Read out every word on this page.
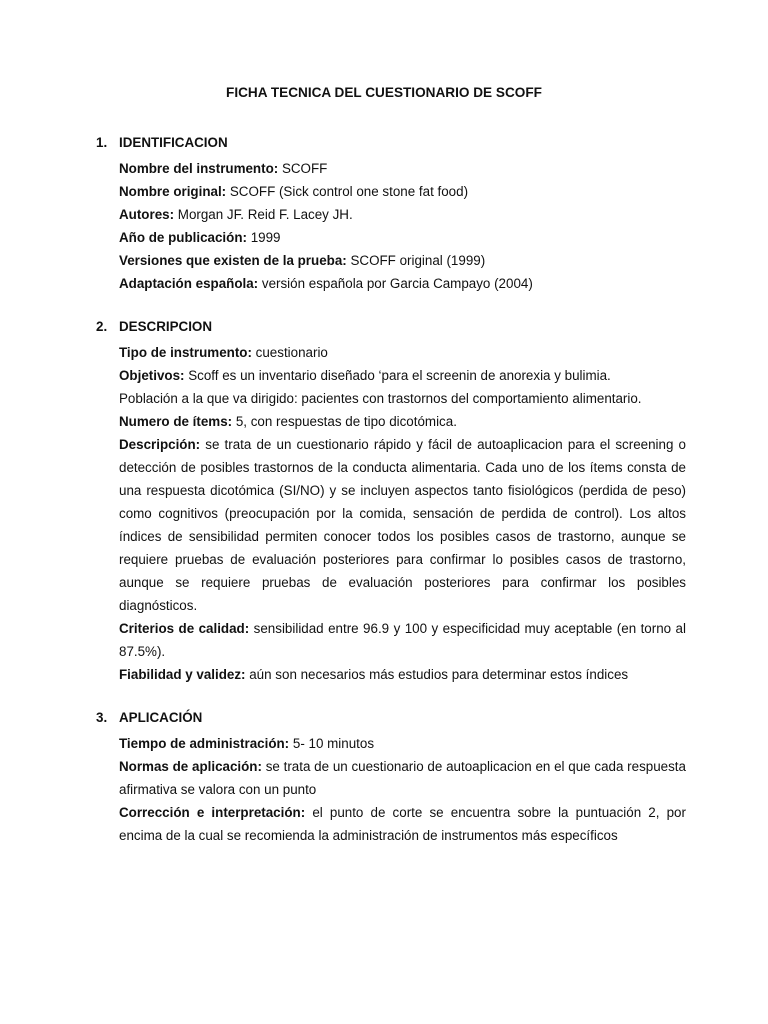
FICHA TECNICA DEL CUESTIONARIO DE SCOFF
1. IDENTIFICACION
Nombre del instrumento: SCOFF
Nombre original: SCOFF (Sick control one stone fat food)
Autores: Morgan JF. Reid F. Lacey JH.
Año de publicación: 1999
Versiones que existen de la prueba: SCOFF original (1999)
Adaptación española: versión española por Garcia Campayo (2004)
2. DESCRIPCION
Tipo de instrumento: cuestionario
Objetivos: Scoff es un inventario diseñado ‘para el screenin de anorexia y bulimia.
Población a la que va dirigido: pacientes con trastornos del comportamiento alimentario.
Numero de ítems: 5, con respuestas de tipo dicotómica.
Descripción: se trata de un cuestionario rápido y fácil de autoaplicacion para el screening o detección de posibles trastornos de la conducta alimentaria. Cada uno de los ítems consta de una respuesta dicotómica (SI/NO) y se incluyen aspectos tanto fisiológicos (perdida de peso) como cognitivos (preocupación por la comida, sensación de perdida de control). Los altos índices de sensibilidad permiten conocer todos los posibles casos de trastorno, aunque se requiere pruebas de evaluación posteriores para confirmar lo posibles casos de trastorno, aunque se requiere pruebas de evaluación posteriores para confirmar los posibles diagnósticos.
Criterios de calidad: sensibilidad entre 96.9 y 100 y especificidad muy aceptable (en torno al 87.5%).
Fiabilidad y validez: aún son necesarios más estudios para determinar estos índices
3. APLICACIÓN
Tiempo de administración: 5- 10 minutos
Normas de aplicación: se trata de un cuestionario de autoaplicacion en el que cada respuesta afirmativa se valora con un punto
Corrección e interpretación: el punto de corte se encuentra sobre la puntuación 2, por encima de la cual se recomienda la administración de instrumentos más específicos
